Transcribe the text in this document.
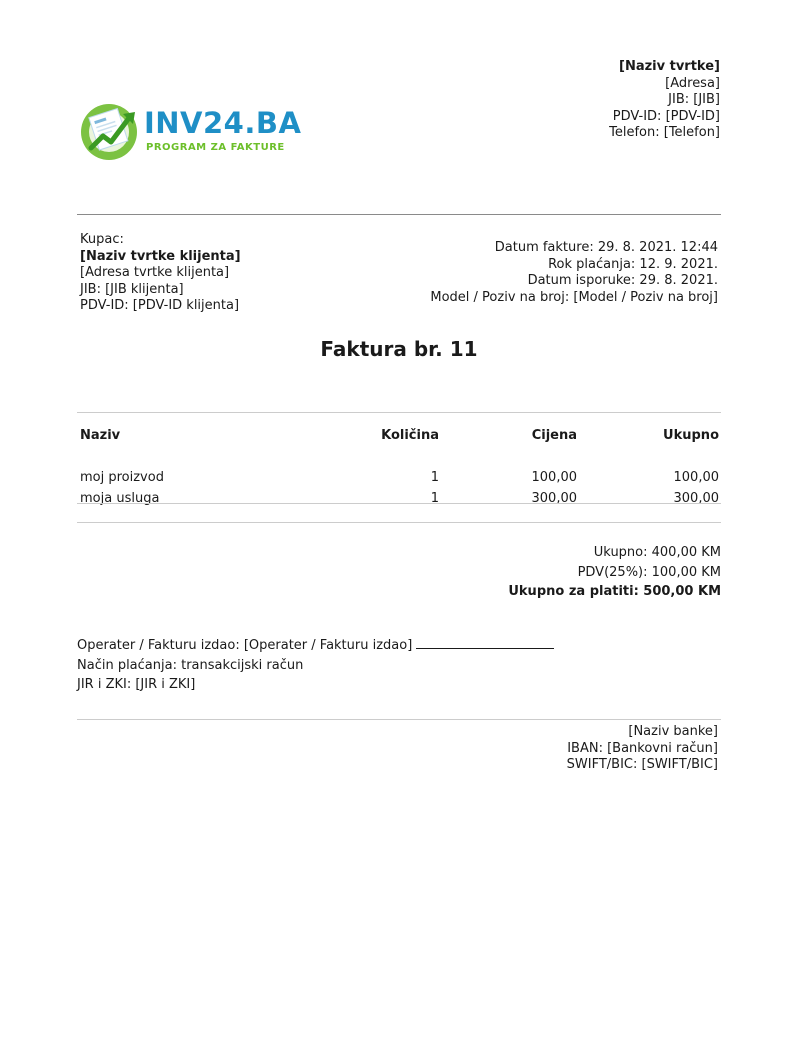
INV24.BA
PROGRAM ZA FAKTURE
[Naziv tvrtke]
[Adresa]
JIB: [JIB]
PDV-ID: [PDV-ID]
Telefon: [Telefon]
Kupac:
[Naziv tvrtke klijenta]
[Adresa tvrtke klijenta]
JIB: [JIB klijenta]
PDV-ID: [PDV-ID klijenta]
Datum fakture: 29. 8. 2021. 12:44
Rok plaćanja: 12. 9. 2021.
Datum isporuke: 29. 8. 2021.
Model / Poziv na broj: [Model / Poziv na broj]
Faktura br. 11
Naziv	Količina	Cijena	Ukupno

moj proizvod	1	100,00	100,00
moja usluga	1	300,00	300,00
Ukupno: 400,00 KM
PDV(25%): 100,00 KM
Ukupno za platiti: 500,00 KM
Operater / Fakturu izdao: [Operater / Fakturu izdao]
Način plaćanja: transakcijski račun
JIR i ZKI: [JIR i ZKI]
[Naziv banke]
IBAN: [Bankovni račun]
SWIFT/BIC: [SWIFT/BIC]
